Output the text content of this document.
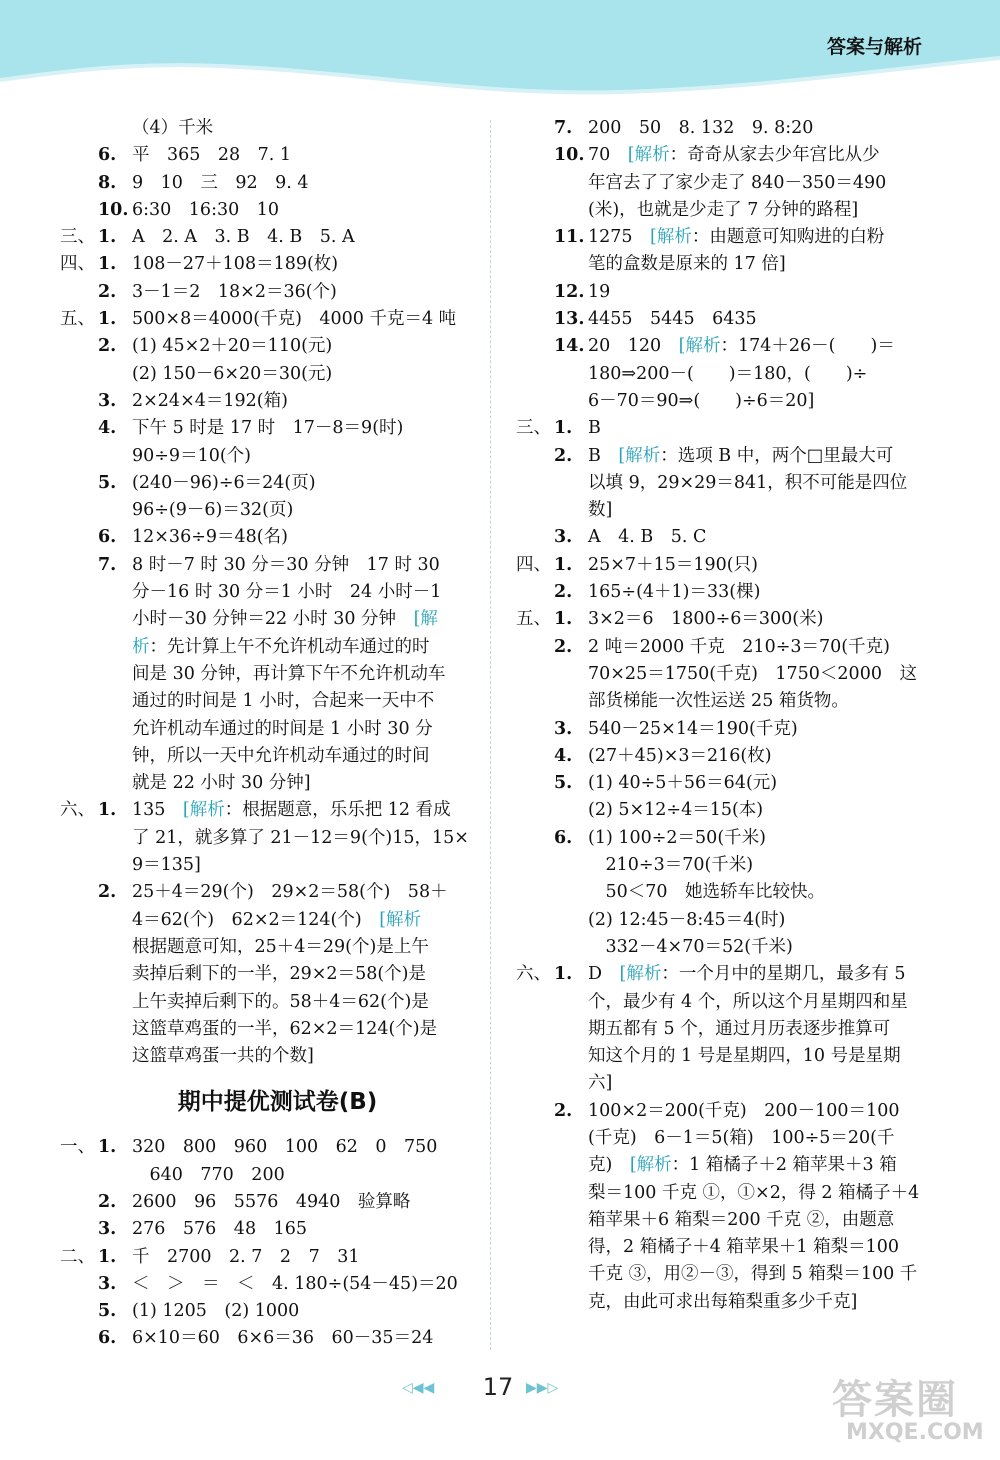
答案与解析
（4）千米
6. 平　365　28　7. 1
8. 9　10　三　92　9. 4
10. 6:30　16:30　10
三、 1. A　2. A　3. B　4. B　5. A
四、 1. 108－27＋108＝189(枚)
2. 3－1＝2　18×2＝36(个)
五、 1. 500×8＝4000(千克)　4000 千克＝4 吨
2. (1) 45×2＋20＝110(元)
(2) 150－6×20＝30(元)
3. 2×24×4＝192(箱)
4. 下午 5 时是 17 时　17－8＝9(时)
90÷9＝10(个)
5. (240－96)÷6＝24(页)
96÷(9－6)＝32(页)
6. 12×36÷9＝48(名)
7. 8 时－7 时 30 分＝30 分钟　17 时 30
分－16 时 30 分＝1 小时　24 小时－1
小时－30 分钟＝22 小时 30 分钟　[解
析：先计算上午不允许机动车通过的时
间是 30 分钟，再计算下午不允许机动车
通过的时间是 1 小时，合起来一天中不
允许机动车通过的时间是 1 小时 30 分
钟，所以一天中允许机动车通过的时间
就是 22 小时 30 分钟]
六、 1. 135　[解析：根据题意，乐乐把 12 看成
了 21，就多算了 21－12＝9(个)15，15×
9＝135]
2. 25＋4＝29(个)　29×2＝58(个)　58＋
4＝62(个)　62×2＝124(个)　[解析
根据题意可知，25＋4＝29(个)是上午
卖掉后剩下的一半，29×2＝58(个)是
上午卖掉后剩下的。58＋4＝62(个)是
这篮草鸡蛋的一半，62×2＝124(个)是
这篮草鸡蛋一共的个数]
期中提优测试卷(B)
一、 1. 320　800　960　100　62　0　750
　640　770　200
2. 2600　96　5576　4940　验算略
3. 276　576　48　165
二、 1. 千　2700　2. 7　2　7　31
3. ＜　＞　＝　＜　4. 180÷(54－45)＝20
5. (1) 1205　(2) 1000
6. 6×10＝60　6×6＝36　60－35＝24
7. 200　50　8. 132　9. 8:20
10. 70　[解析：奇奇从家去少年宫比从少
年宫去了了家少走了 840－350＝490
(米)，也就是少走了 7 分钟的路程]
11. 1275　[解析：由题意可知购进的白粉
笔的盒数是原来的 17 倍]
12. 19
13. 4455　5445　6435
14. 20　120　[解析：174＋26－(　　)＝
180⇒200－(　　)＝180，(　　)÷
6－70＝90⇒(　　)÷6＝20]
三、 1. B
2. B　[解析：选项 B 中，两个□里最大可
以填 9，29×29＝841，积不可能是四位
数]
3. A　4. B　5. C
四、 1. 25×7＋15＝190(只)
2. 165÷(4＋1)＝33(棵)
五、 1. 3×2＝6　1800÷6＝300(米)
2. 2 吨＝2000 千克　210÷3＝70(千克)
70×25＝1750(千克)　1750＜2000　这
部货梯能一次性运送 25 箱货物。
3. 540－25×14＝190(千克)
4. (27＋45)×3＝216(枚)
5. (1) 40÷5＋56＝64(元)
(2) 5×12÷4＝15(本)
6. (1) 100÷2＝50(千米)
　210÷3＝70(千米)
　50＜70　她选轿车比较快。
(2) 12:45－8:45＝4(时)
　332－4×70＝52(千米)
六、 1. D　[解析：一个月中的星期几，最多有 5
个，最少有 4 个，所以这个月星期四和星
期五都有 5 个，通过月历表逐步推算可
知这个月的 1 号是星期四，10 号是星期
六]
2. 100×2＝200(千克)　200－100＝100
(千克)　6－1＝5(箱)　100÷5＝20(千
克)　[解析：1 箱橘子＋2 箱苹果＋3 箱
梨＝100 千克 ①，①×2，得 2 箱橘子＋4
箱苹果＋6 箱梨＝200 千克 ②，由题意
得，2 箱橘子＋4 箱苹果＋1 箱梨＝100
千克 ③，用②－③，得到 5 箱梨＝100 千
克，由此可求出每箱梨重多少千克]
◁◀◀ 17 ▶▶▷	答案圈
MXQE.COM
